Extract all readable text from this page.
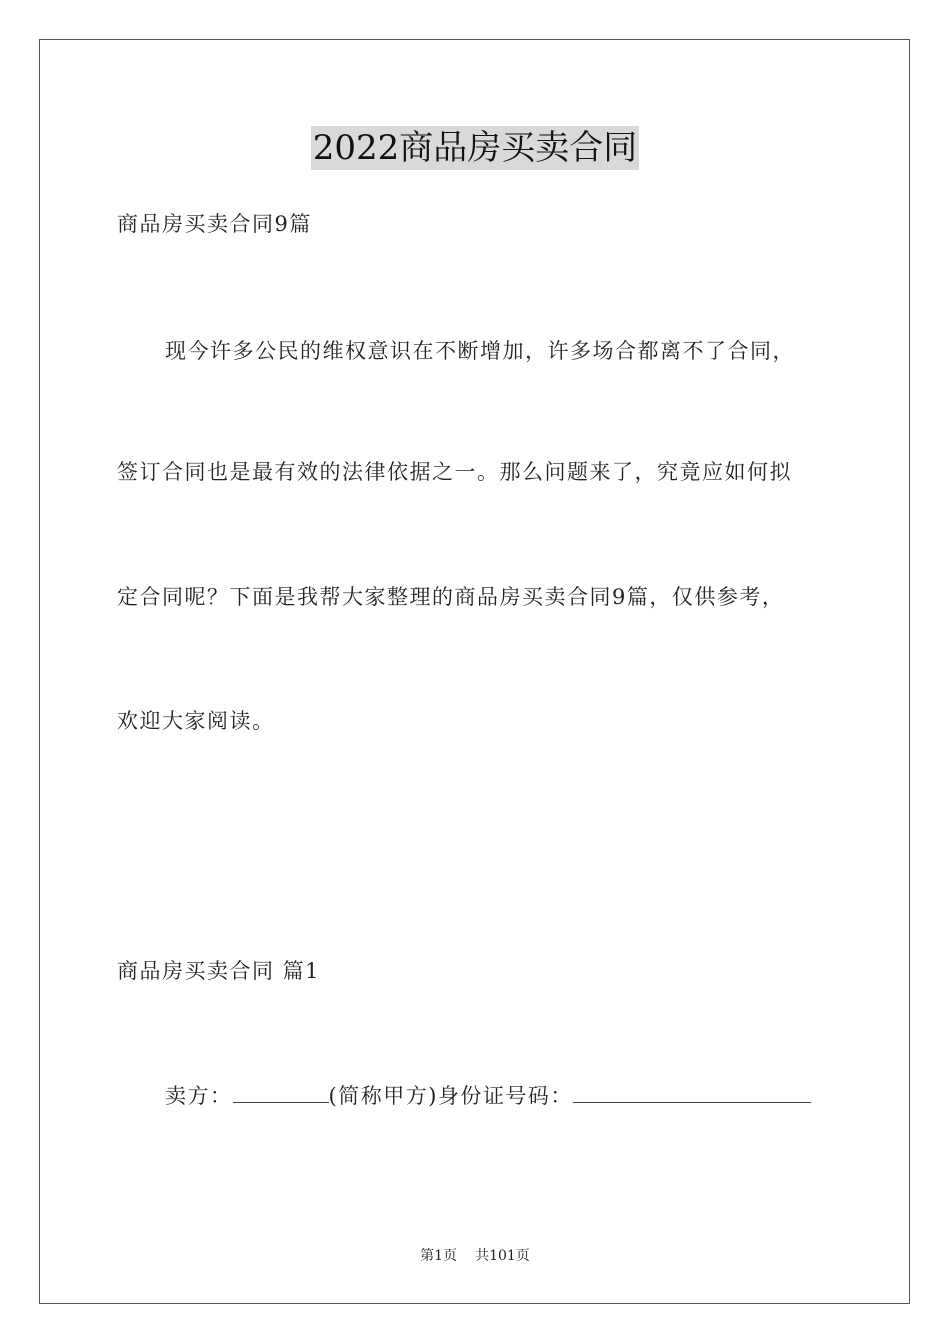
2022商品房买卖合同
商品房买卖合同9篇
现今许多公民的维权意识在不断增加，许多场合都离不了合同，
签订合同也是最有效的法律依据之一。那么问题来了，究竟应如何拟
定合同呢？下面是我帮大家整理的商品房买卖合同9篇，仅供参考，
欢迎大家阅读。
商品房买卖合同 篇1
卖方：	(简称甲方)身份证号码：
第1页 共101页
